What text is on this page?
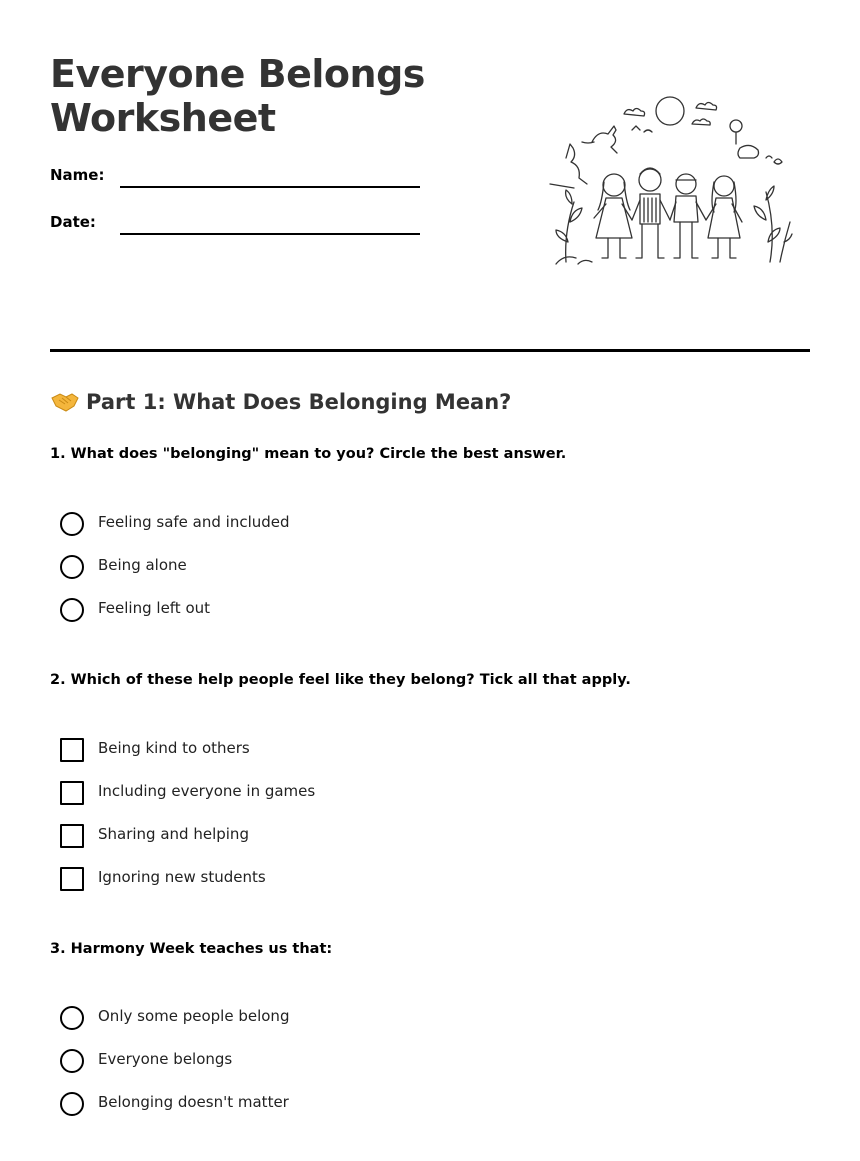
Everyone Belongs Worksheet
Name:
Date:
Part 1: What Does Belonging Mean?

1. What does "belonging" mean to you? Circle the best answer.

Feeling safe and included
Being alone
Feeling left out

2. Which of these help people feel like they belong? Tick all that apply.

Being kind to others
Including everyone in games
Sharing and helping
Ignoring new students

3. Harmony Week teaches us that:

Only some people belong
Everyone belongs
Belonging doesn't matter
